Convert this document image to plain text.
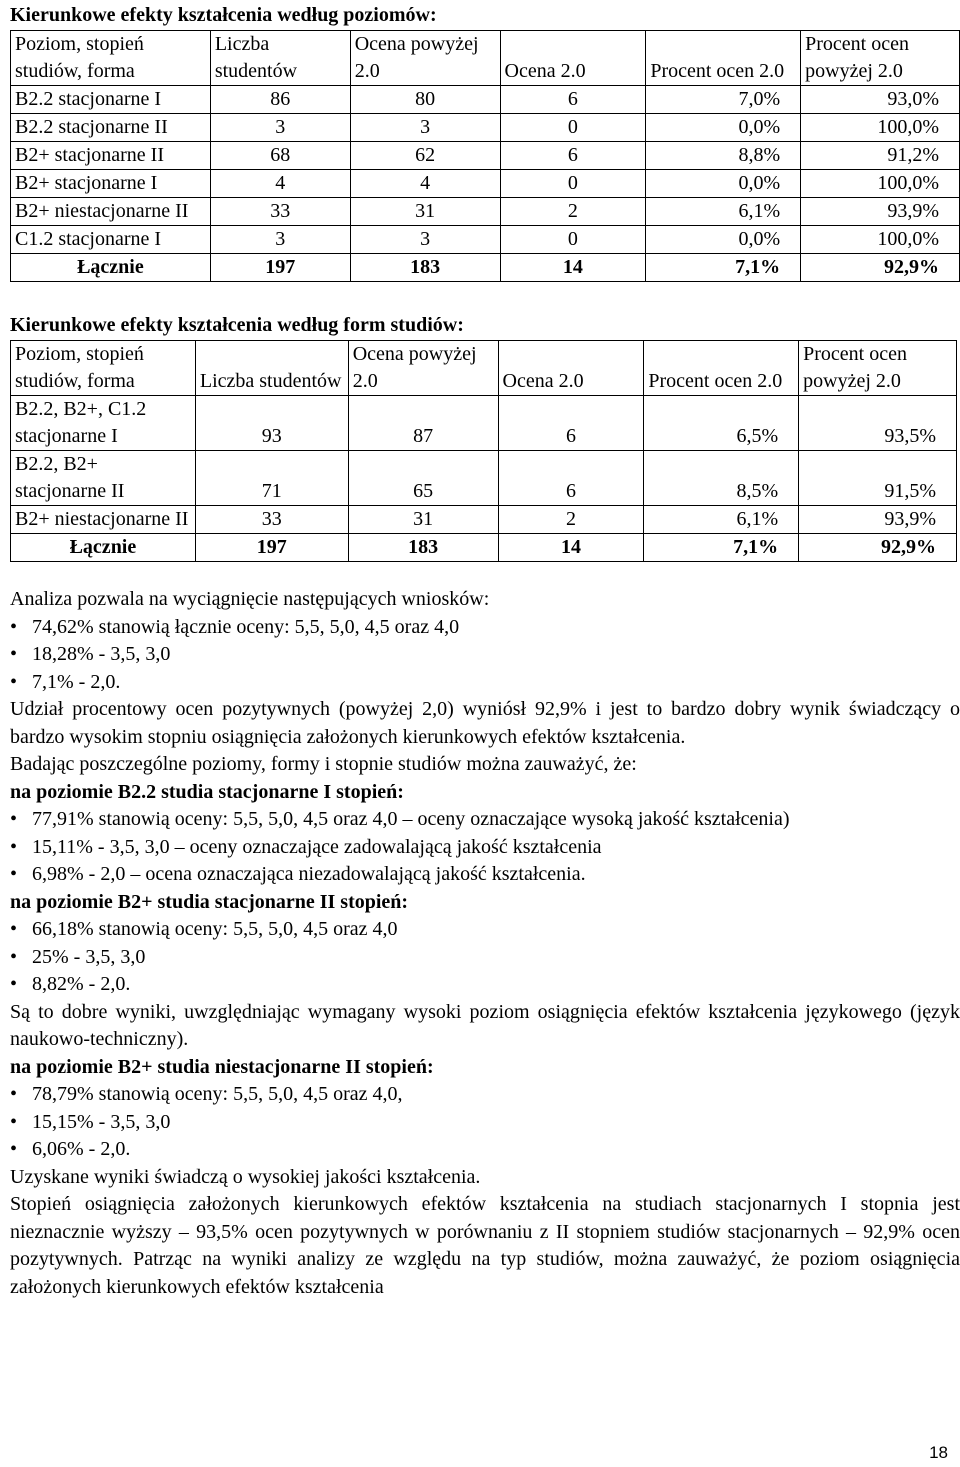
Kierunkowe efekty kształcenia według poziomów:
Poziom, stopień studiów, forma	Liczba studentów	Ocena powyżej 2.0	Ocena 2.0	Procent ocen 2.0	Procent ocen powyżej 2.0
B2.2 stacjonarne I	86	80	6	7,0%	93,0%
B2.2 stacjonarne II	3	3	0	0,0%	100,0%
B2+ stacjonarne II	68	62	6	8,8%	91,2%
B2+ stacjonarne I	4	4	0	0,0%	100,0%
B2+ niestacjonarne II	33	31	2	6,1%	93,9%
C1.2 stacjonarne I	3	3	0	0,0%	100,0%
Łącznie	197	183	14	7,1%	92,9%
Kierunkowe efekty kształcenia według form studiów:
Poziom, stopień studiów, forma	Liczba studentów	Ocena powyżej 2.0	Ocena 2.0	Procent ocen 2.0	Procent ocen powyżej 2.0
B2.2, B2+, C1.2 stacjonarne I	93	87	6	6,5%	93,5%
B2.2, B2+ stacjonarne II	71	65	6	8,5%	91,5%
B2+ niestacjonarne II	33	31	2	6,1%	93,9%
Łącznie	197	183	14	7,1%	92,9%

Analiza pozwala na wyciągnięcie następujących wniosków:

• 74,62% stanowią łącznie oceny: 5,5, 5,0, 4,5 oraz 4,0
• 18,28% - 3,5, 3,0
• 7,1% - 2,0.

Udział procentowy ocen pozytywnych (powyżej 2,0) wyniósł 92,9% i jest to bardzo dobry wynik świadczący o bardzo wysokim stopniu osiągnięcia założonych kierunkowych efektów kształcenia.

Badając poszczególne poziomy, formy i stopnie studiów można zauważyć, że:

na poziomie B2.2 studia stacjonarne I stopień:

• 77,91% stanowią oceny: 5,5, 5,0, 4,5 oraz 4,0 – oceny oznaczające wysoką jakość kształcenia)
• 15,11% - 3,5, 3,0 – oceny oznaczające zadowalającą jakość kształcenia
• 6,98% - 2,0 – ocena oznaczająca niezadowalającą jakość kształcenia.

na poziomie B2+ studia stacjonarne II stopień:

• 66,18% stanowią oceny: 5,5, 5,0, 4,5 oraz 4,0
• 25% - 3,5, 3,0
• 8,82% - 2,0.

Są to dobre wyniki, uwzględniając wymagany wysoki poziom osiągnięcia efektów kształcenia językowego (język naukowo-techniczny).

na poziomie B2+ studia niestacjonarne II stopień:

• 78,79% stanowią oceny: 5,5, 5,0, 4,5 oraz 4,0,
• 15,15% - 3,5, 3,0
• 6,06% - 2,0.

Uzyskane wyniki świadczą o wysokiej jakości kształcenia.

Stopień osiągnięcia założonych kierunkowych efektów kształcenia na studiach stacjonarnych I stopnia jest nieznacznie wyższy – 93,5% ocen pozytywnych w porównaniu z II stopniem studiów stacjonarnych – 92,9% ocen pozytywnych. Patrząc na wyniki analizy ze względu na typ studiów, można zauważyć, że poziom osiągnięcia założonych kierunkowych efektów kształcenia

18
